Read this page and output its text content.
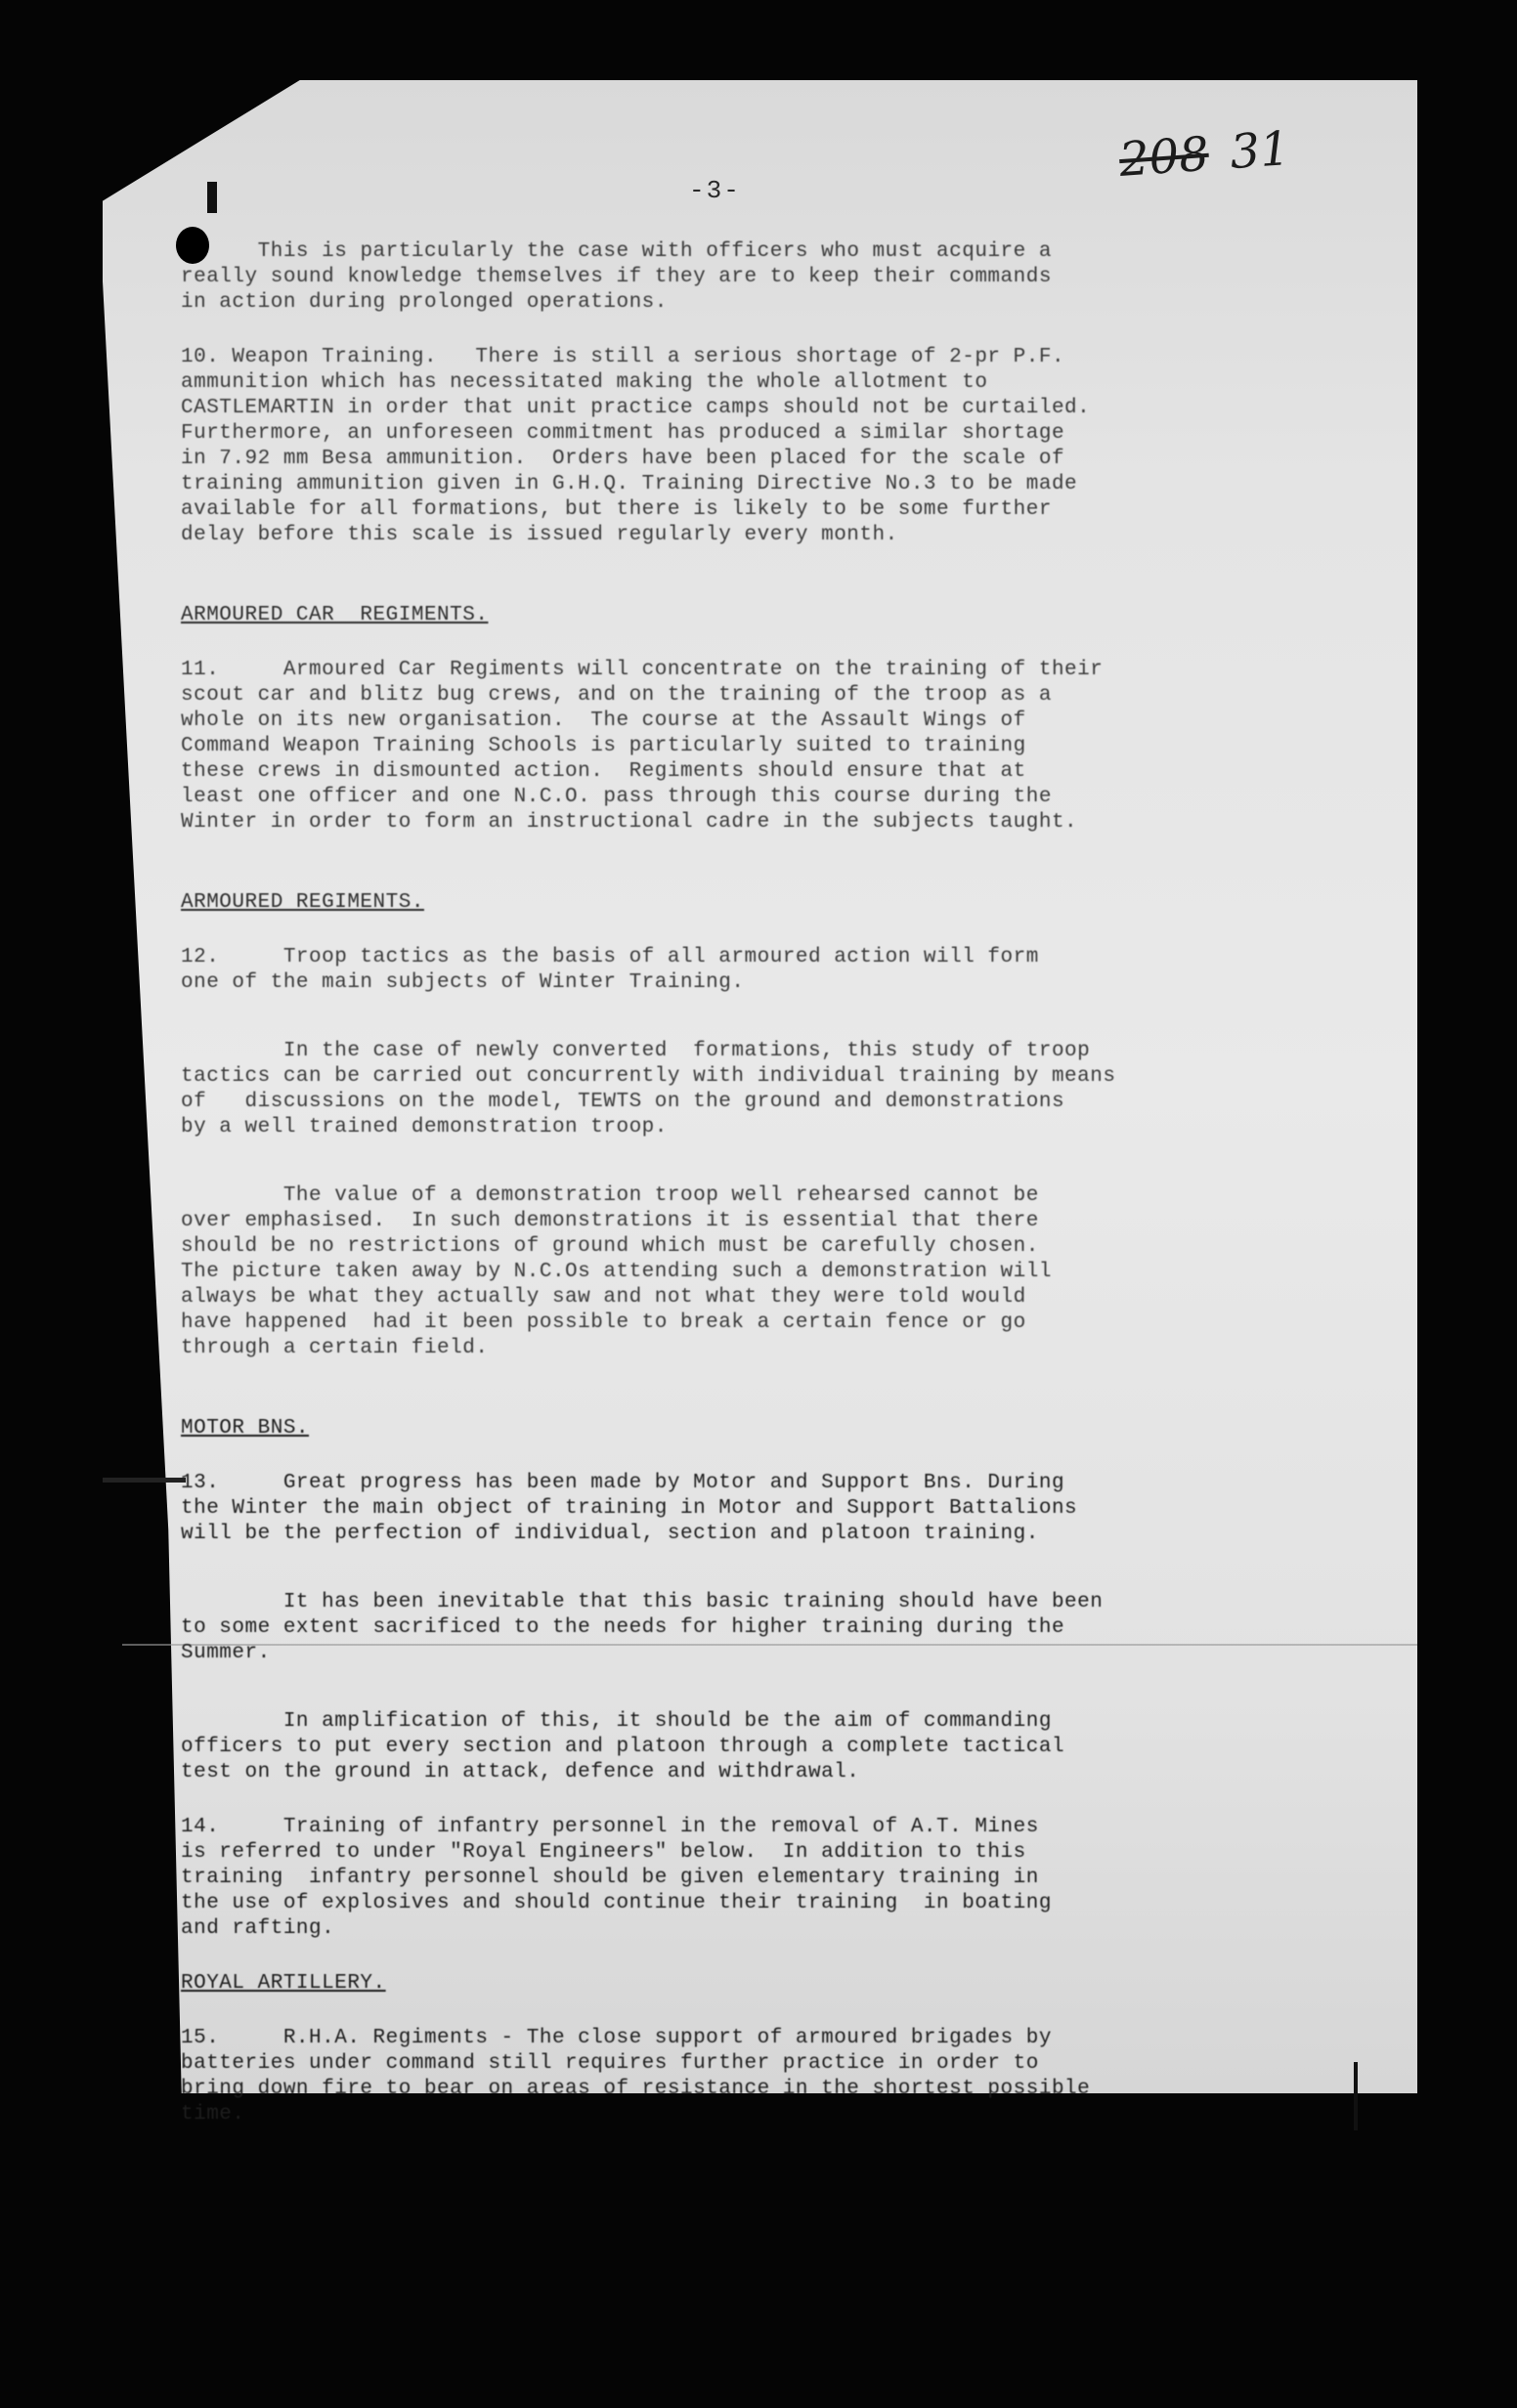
-3-
208 31

This is particularly the case with officers who must acquire a
really sound knowledge themselves if they are to keep their commands
in action during prolonged operations.

10. Weapon Training.   There is still a serious shortage of 2-pr P.F.
ammunition which has necessitated making the whole allotment to
CASTLEMARTIN in order that unit practice camps should not be curtailed.
Furthermore, an unforeseen commitment has produced a similar shortage
in 7.92 mm Besa ammunition.  Orders have been placed for the scale of
training ammunition given in G.H.Q. Training Directive No.3 to be made
available for all formations, but there is likely to be some further
delay before this scale is issued regularly every month.

ARMOURED CAR  REGIMENTS.

11.     Armoured Car Regiments will concentrate on the training of their
scout car and blitz bug crews, and on the training of the troop as a
whole on its new organisation.  The course at the Assault Wings of
Command Weapon Training Schools is particularly suited to training
these crews in dismounted action.  Regiments should ensure that at
least one officer and one N.C.O. pass through this course during the
Winter in order to form an instructional cadre in the subjects taught.

ARMOURED REGIMENTS.

12.     Troop tactics as the basis of all armoured action will form
one of the main subjects of Winter Training.

In the case of newly converted  formations, this study of troop
tactics can be carried out concurrently with individual training by means
of   discussions on the model, TEWTS on the ground and demonstrations
by a well trained demonstration troop.

The value of a demonstration troop well rehearsed cannot be
over emphasised.  In such demonstrations it is essential that there
should be no restrictions of ground which must be carefully chosen.
The picture taken away by N.C.Os attending such a demonstration will
always be what they actually saw and not what they were told would
have happened  had it been possible to break a certain fence or go
through a certain field.

MOTOR BNS.

13.     Great progress has been made by Motor and Support Bns. During
the Winter the main object of training in Motor and Support Battalions
will be the perfection of individual, section and platoon training.

It has been inevitable that this basic training should have been
to some extent sacrificed to the needs for higher training during the
Summer.

In amplification of this, it should be the aim of commanding
officers to put every section and platoon through a complete tactical
test on the ground in attack, defence and withdrawal.

14.     Training of infantry personnel in the removal of A.T. Mines
is referred to under "Royal Engineers" below.  In addition to this
training  infantry personnel should be given elementary training in
the use of explosives and should continue their training  in boating
and rafting.

ROYAL ARTILLERY.

15.     R.H.A. Regiments - The close support of armoured brigades by
batteries under command still requires further practice in order to
bring down fire to bear on areas of resistance in the shortest possible
time.
